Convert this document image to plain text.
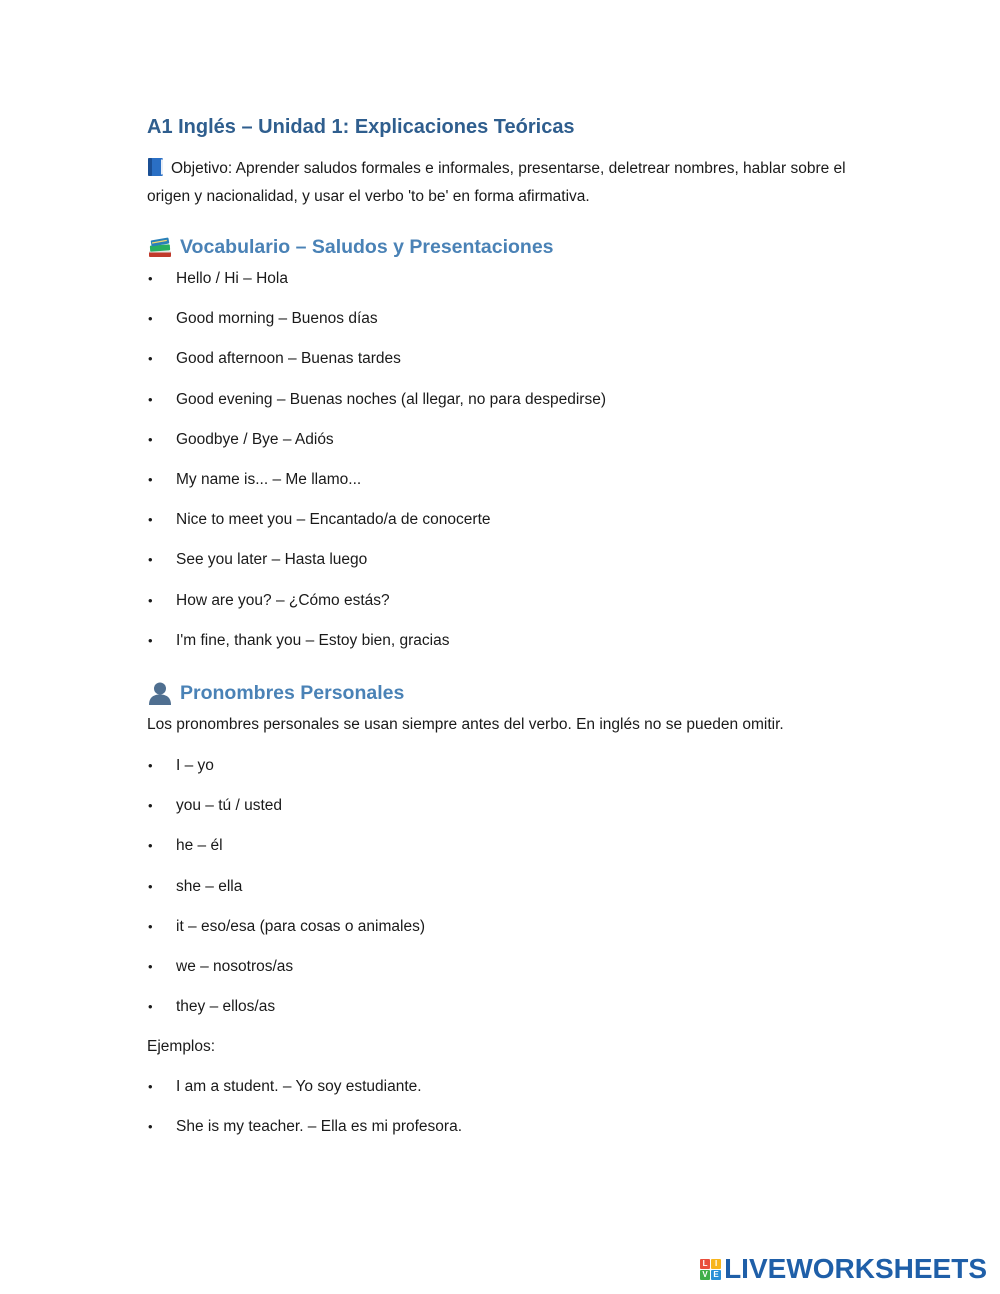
A1 Inglés – Unidad 1: Explicaciones Teóricas

Objetivo: Aprender saludos formales e informales, presentarse, deletrear nombres, hablar sobre el origen y nacionalidad, y usar el verbo 'to be' en forma afirmativa.

Vocabulario – Saludos y Presentaciones
• Hello / Hi – Hola
• Good morning – Buenos días
• Good afternoon – Buenas tardes
• Good evening – Buenas noches (al llegar, no para despedirse)
• Goodbye / Bye – Adiós
• My name is... – Me llamo...
• Nice to meet you – Encantado/a de conocerte
• See you later – Hasta luego
• How are you? – ¿Cómo estás?
• I'm fine, thank you – Estoy bien, gracias
Pronombres Personales

Los pronombres personales se usan siempre antes del verbo. En inglés no se pueden omitir.

• I – yo
• you – tú / usted
• he – él
• she – ella
• it – eso/esa (para cosas o animales)
• we – nosotros/as
• they – ellos/as

Ejemplos:

• I am a student. – Yo soy estudiante.
• She is my teacher. – Ella es mi profesora.
L I
V E LIVEWORKSHEETS
